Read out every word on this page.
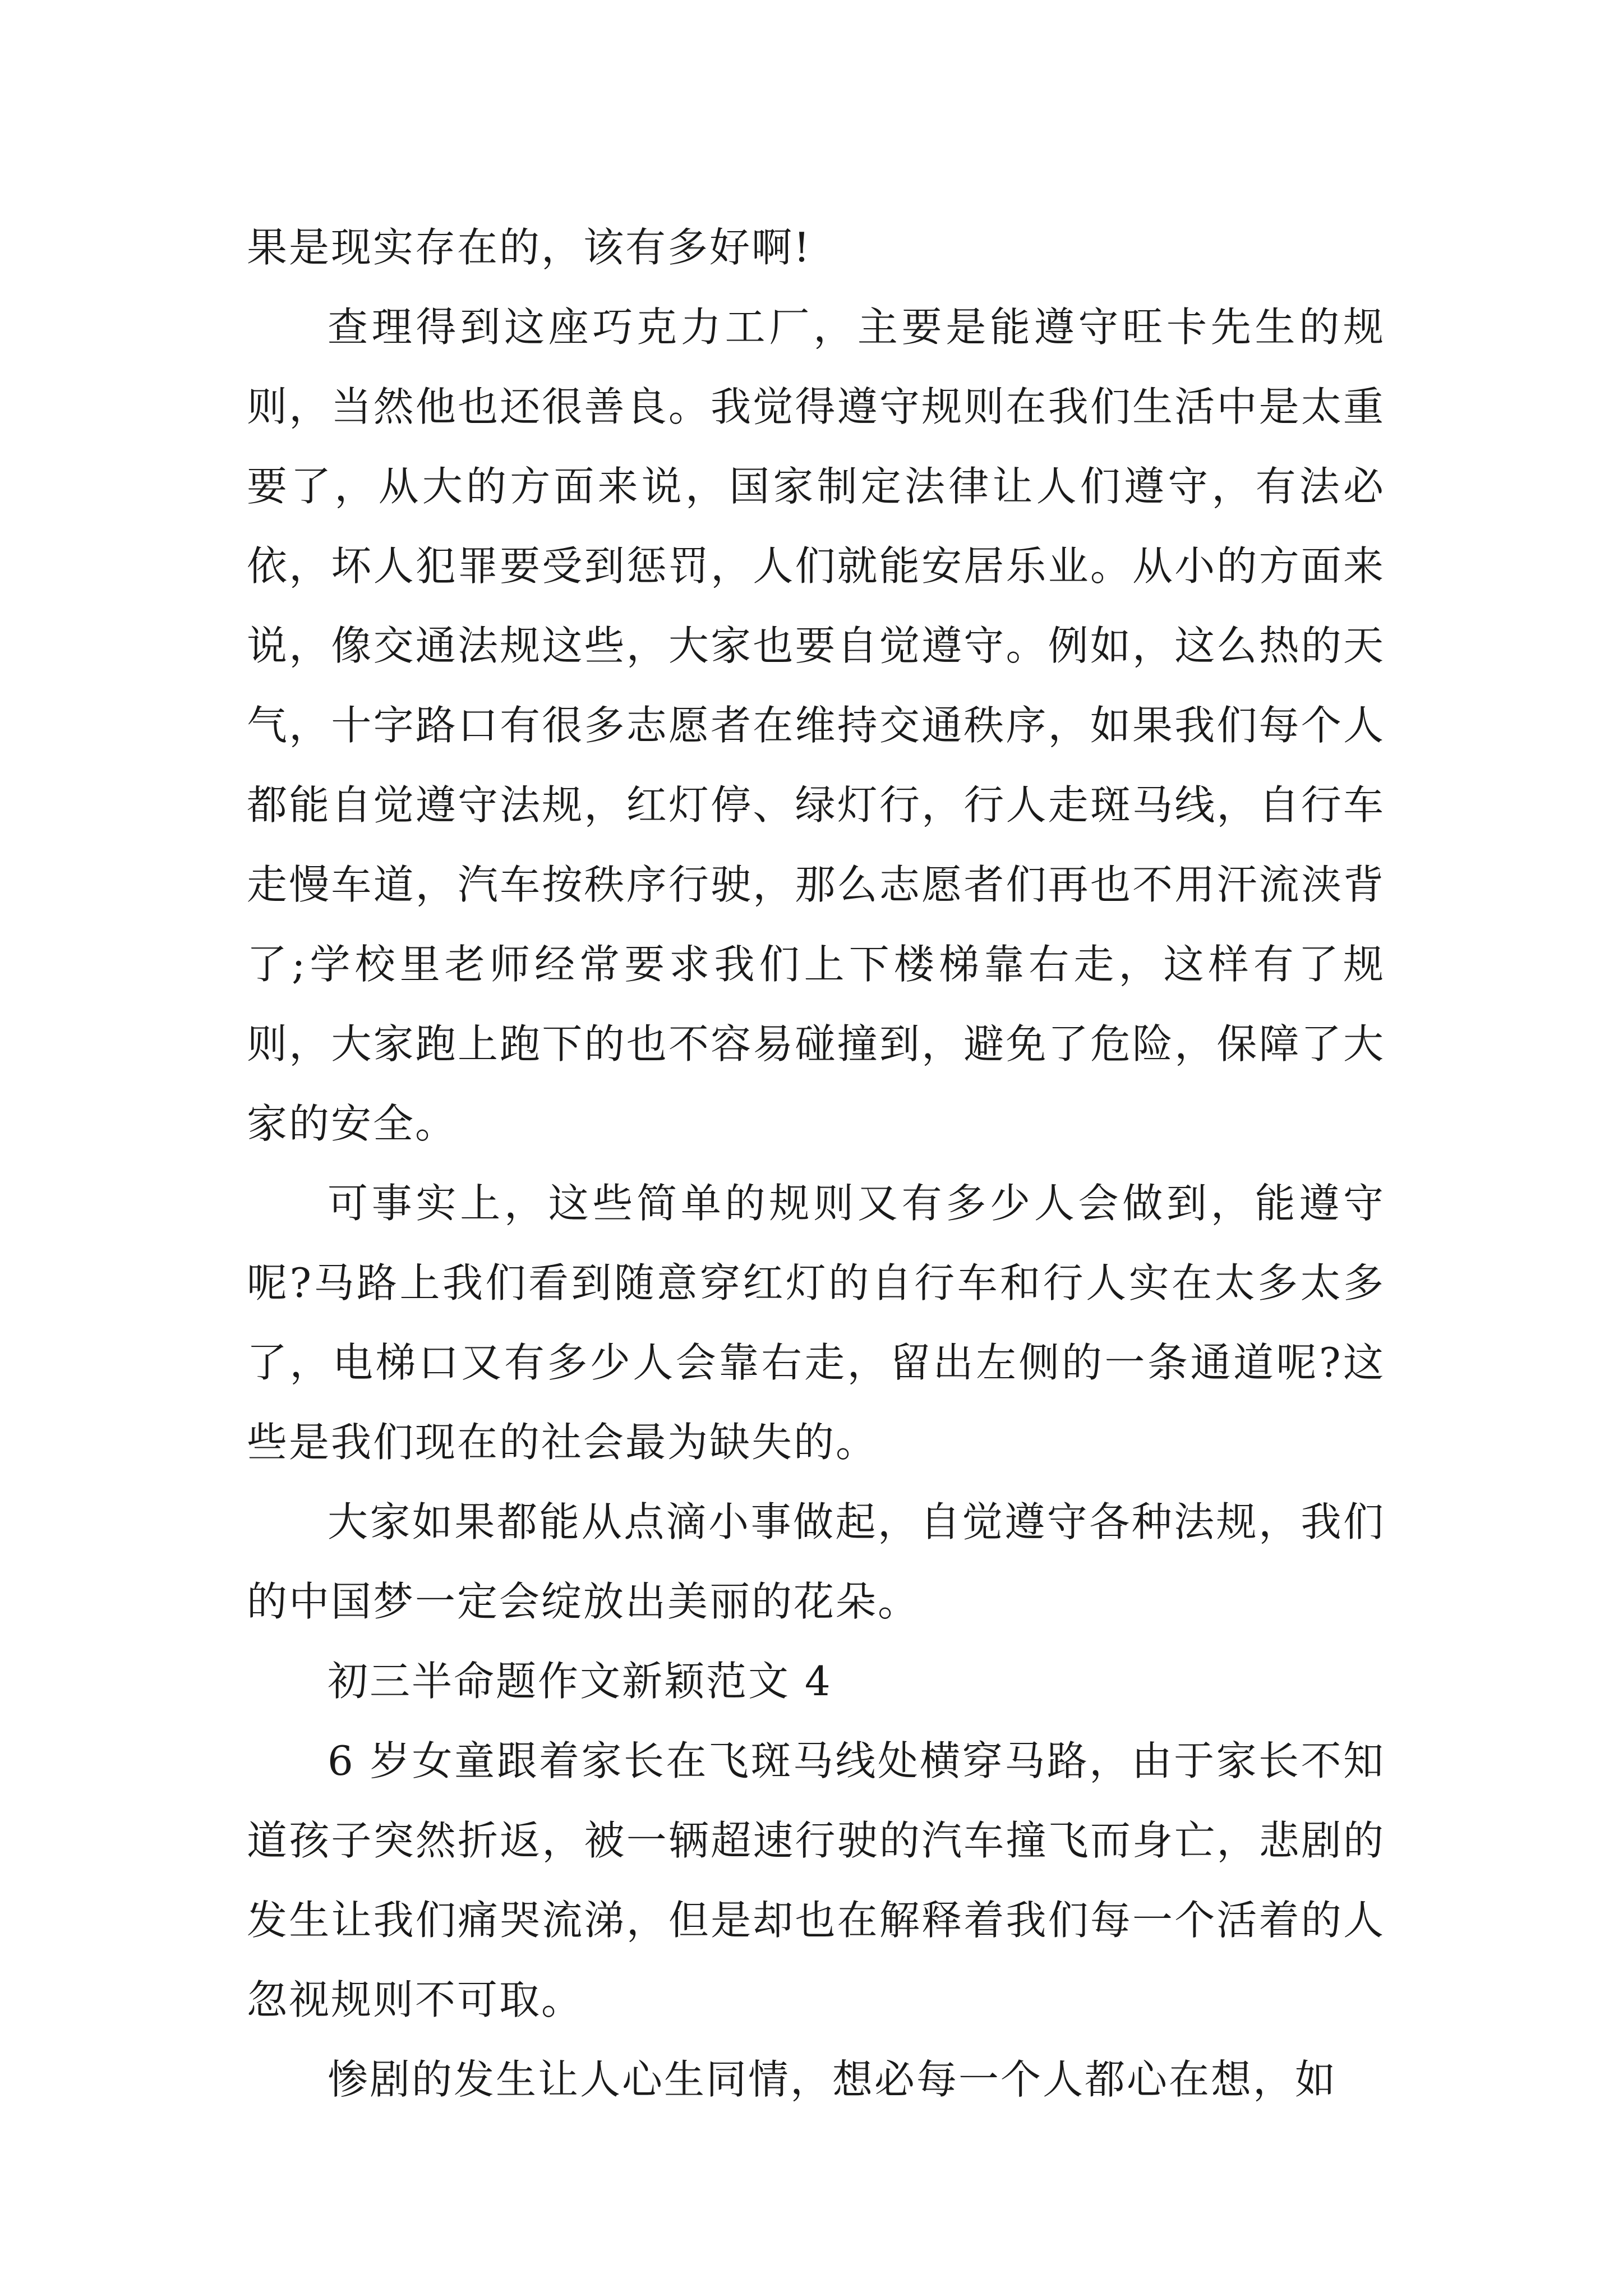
果是现实存在的，该有多好啊!

查理得到这座巧克力工厂，主要是能遵守旺卡先生的规则，当然他也还很善良。我觉得遵守规则在我们生活中是太重要了，从大的方面来说，国家制定法律让人们遵守，有法必依，坏人犯罪要受到惩罚，人们就能安居乐业。从小的方面来说，像交通法规这些，大家也要自觉遵守。例如，这么热的天气，十字路口有很多志愿者在维持交通秩序，如果我们每个人都能自觉遵守法规，红灯停、绿灯行，行人走斑马线，自行车走慢车道，汽车按秩序行驶，那么志愿者们再也不用汗流浃背了;学校里老师经常要求我们上下楼梯靠右走，这样有了规则，大家跑上跑下的也不容易碰撞到，避免了危险，保障了大家的安全。

可事实上，这些简单的规则又有多少人会做到，能遵守呢?马路上我们看到随意穿红灯的自行车和行人实在太多太多了，电梯口又有多少人会靠右走，留出左侧的一条通道呢?这些是我们现在的社会最为缺失的。

大家如果都能从点滴小事做起，自觉遵守各种法规，我们的中国梦一定会绽放出美丽的花朵。

初三半命题作文新颖范文 4

6 岁女童跟着家长在飞斑马线处横穿马路，由于家长不知道孩子突然折返，被一辆超速行驶的汽车撞飞而身亡，悲剧的发生让我们痛哭流涕，但是却也在解释着我们每一个活着的人忽视规则不可取。

惨剧的发生让人心生同情，想必每一个人都心在想，如
